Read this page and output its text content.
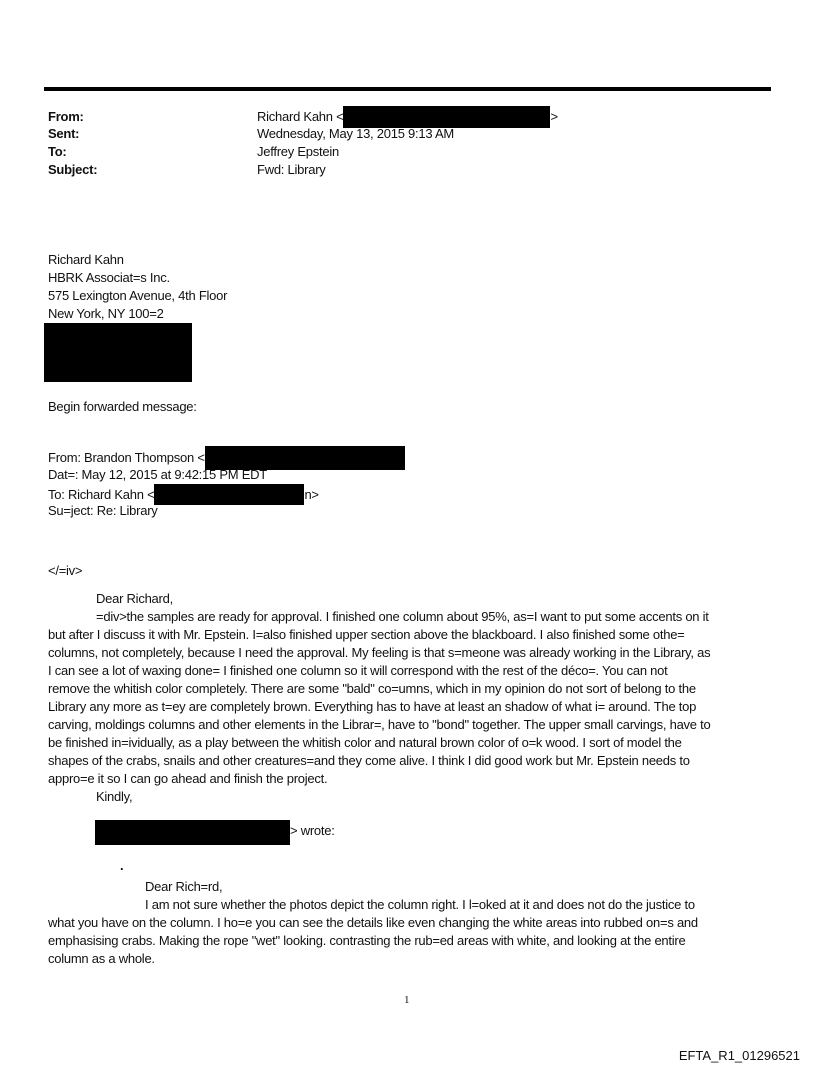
From:	Richard Kahn <	>
Sent:	Wednesday, May 13, 2015 9:13 AM
To:	Jeffrey Epstein
Subject:	Fwd: Library
Richard Kahn
HBRK Associat=s Inc.
575 Lexington Avenue, 4th Floor
New York, NY 100=2
Begin forwarded message:
From: Brandon Thompson <
Dat=: May 12, 2015 at 9:42:15 PM EDT
To: Richard Kahn <	n>
Su=ject: Re: Library
</=iv>
Dear Richard,
=div>the samples are ready for approval. I finished one column about 95%, as=I want to put some accents on it
but after I discuss it with Mr. Epstein. I=also finished upper section above the blackboard. I also finished some othe=
columns, not completely, because I need the approval. My feeling is that s=meone was already working in the Library, as
I can see a lot of waxing done= I finished one column so it will correspond with the rest of the déco=. You can not
remove the whitish color completely. There are some "bald" co=umns, which in my opinion do not sort of belong to the
Library any more as t=ey are completely brown. Everything has to have at least an shadow of what i= around. The top
carving, moldings columns and other elements in the Librar=, have to "bond" together. The upper small carvings, have to
be finished in=ividually, as a play between the whitish color and natural brown color of o=k wood. I sort of model the
shapes of the crabs, snails and other creatures=and they come alive. I think I did good work but Mr. Epstein needs to
appro=e it so I can go ahead and finish the project.
Kindly,
> wrote:
.
Dear Rich=rd,
I am not sure whether the photos depict the column right. I l=oked at it and does not do the justice to
what you have on the column. I ho=e you can see the details like even changing the white areas into rubbed on=s and
emphasising crabs. Making the rope "wet" looking. contrasting the rub=ed areas with white, and looking at the entire
column as a whole.
1
EFTA_R1_01296521
